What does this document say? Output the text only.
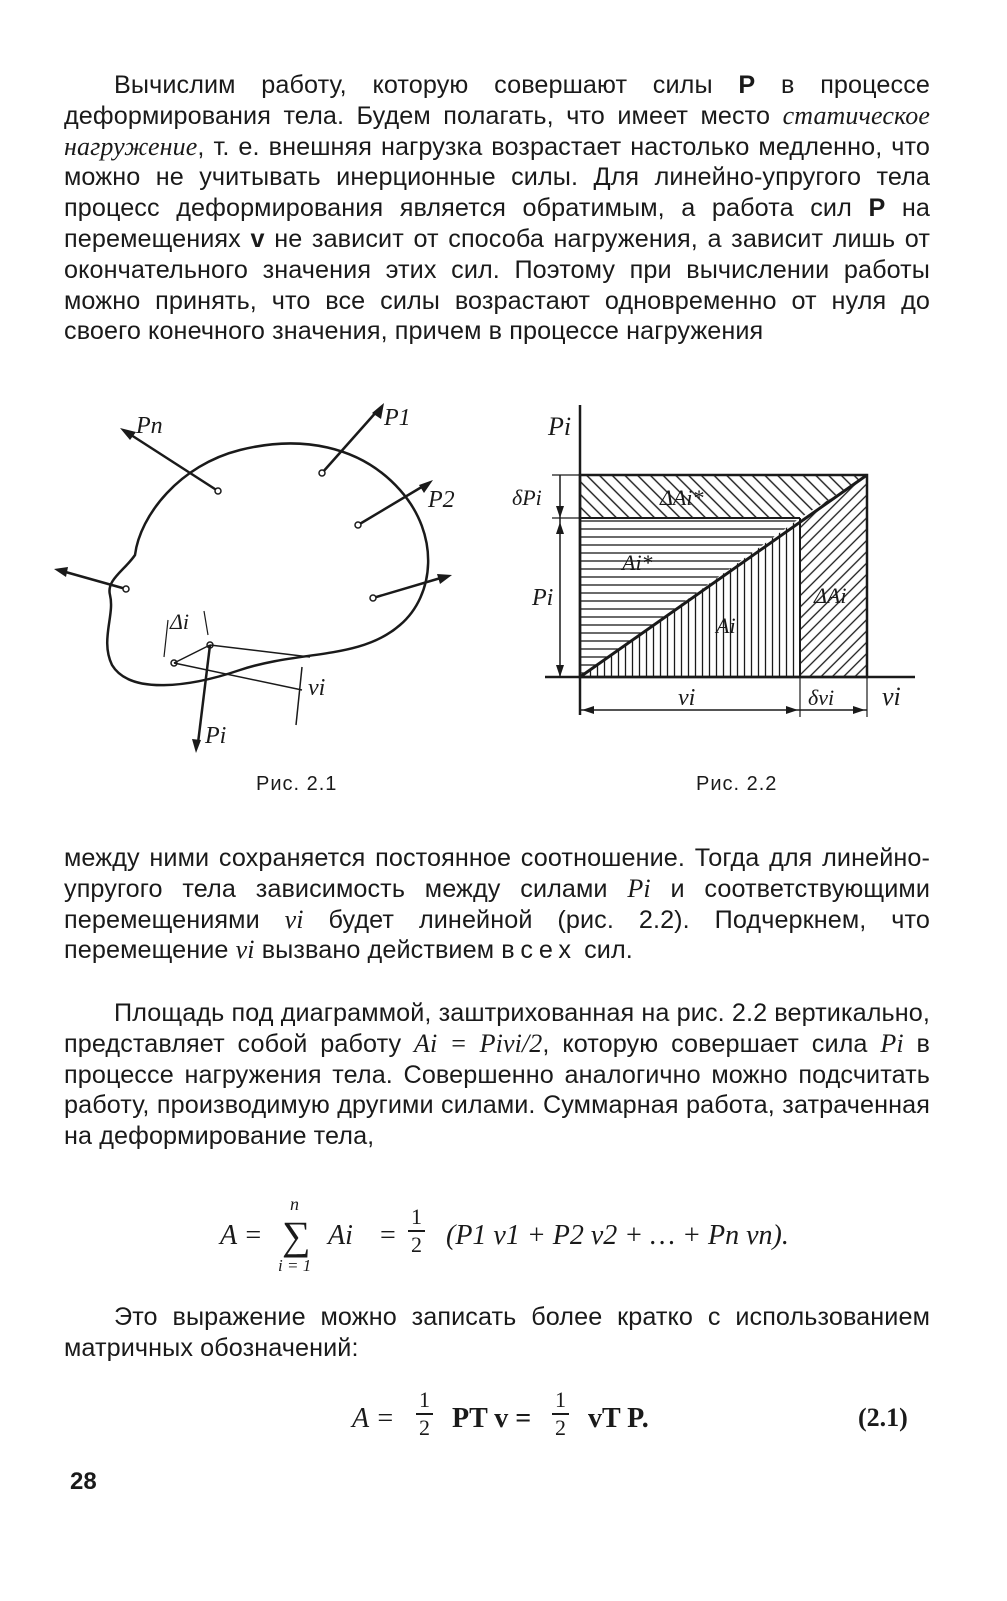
Вычислим работу, которую совершают силы P в процессе деформирования тела. Будем полагать, что имеет место статическое нагружение, т. е. внешняя нагрузка возрастает настолько медленно, что можно не учитывать инерционные силы. Для линейно-упругого тела процесс деформирования является обратимым, а работа сил P на перемещениях v не зависит от способа нагружения, а зависит лишь от окончательного значения этих сил. Поэтому при вычислении работы можно принять, что все силы возрастают одновременно от нуля до своего конечного значения, причем в процессе нагружения
Pn	P1
P2
Δi
vi
Pi
Рис. 2.1
Pi
δPi
Pi
ΔAi*
Ai*
Ai
ΔAi
vi	δvi vi
Рис. 2.2
между ними сохраняется постоянное соотношение. Тогда для линейно-упругого тела зависимость между силами Pi и соответствующими перемещениями vi будет линейной (рис. 2.2). Подчеркнем, что перемещение vi вызвано действием всех сил.
Площадь под диаграммой, заштрихованная на рис. 2.2 вертикально, представляет собой работу Ai = Pivi/2, которую совершает сила Pi в процессе нагружения тела. Совершенно аналогично можно подсчитать работу, производимую другими силами. Суммарная работа, затраченная на деформирование тела,
A =
n
∑
i = 1
$Ai = \frac{1}{2} (P1$ v1 + P2 v2 + … + Pn vn).
Это выражение можно записать более кратко с использованием матричных обозначений:
$A = \frac{1}{2}$ PT $v = \frac{1}{2}$ vT P.	(2.1)
28
